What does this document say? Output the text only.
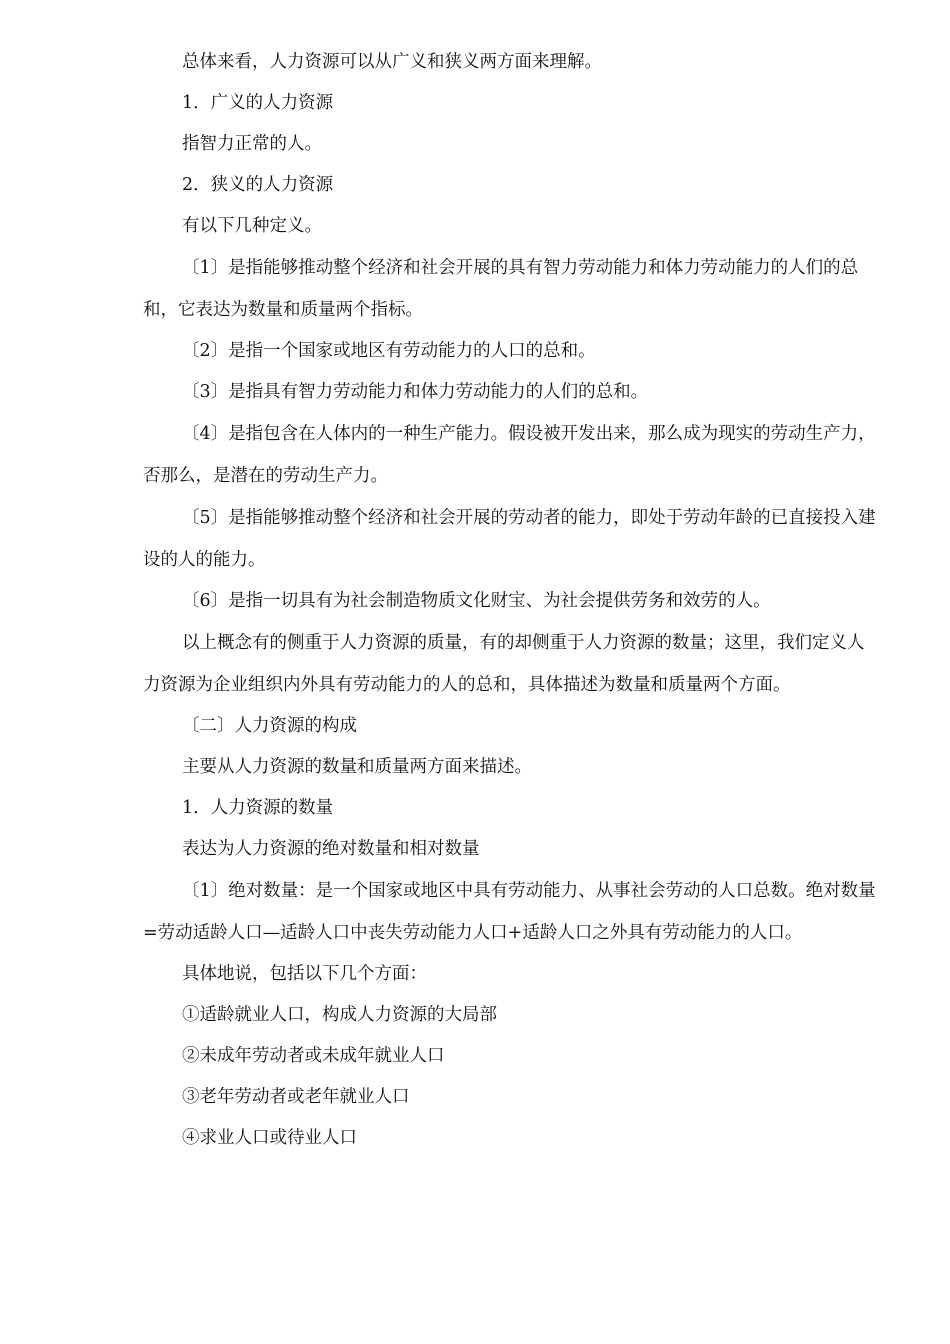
总体来看，人力资源可以从广义和狭义两方面来理解。

1．广义的人力资源

指智力正常的人。

2．狭义的人力资源

有以下几种定义。

〔1〕是指能够推动整个经济和社会开展的具有智力劳动能力和体力劳动能力的人们的总和，它表达为数量和质量两个指标。

〔2〕是指一个国家或地区有劳动能力的人口的总和。

〔3〕是指具有智力劳动能力和体力劳动能力的人们的总和。

〔4〕是指包含在人体内的一种生产能力。假设被开发出来，那么成为现实的劳动生产力，否那么，是潜在的劳动生产力。

〔5〕是指能够推动整个经济和社会开展的劳动者的能力，即处于劳动年龄的已直接投入建设的人的能力。

〔6〕是指一切具有为社会制造物质文化财宝、为社会提供劳务和效劳的人。

以上概念有的侧重于人力资源的质量，有的却侧重于人力资源的数量；这里，我们定义人力资源为企业组织内外具有劳动能力的人的总和，具体描述为数量和质量两个方面。

〔二〕人力资源的构成

主要从人力资源的数量和质量两方面来描述。

1．人力资源的数量

表达为人力资源的绝对数量和相对数量

〔1〕绝对数量：是一个国家或地区中具有劳动能力、从事社会劳动的人口总数。绝对数量=劳动适龄人口—适龄人口中丧失劳动能力人口+适龄人口之外具有劳动能力的人口。

具体地说，包括以下几个方面：

①适龄就业人口，构成人力资源的大局部

②未成年劳动者或未成年就业人口

③老年劳动者或老年就业人口

④求业人口或待业人口
